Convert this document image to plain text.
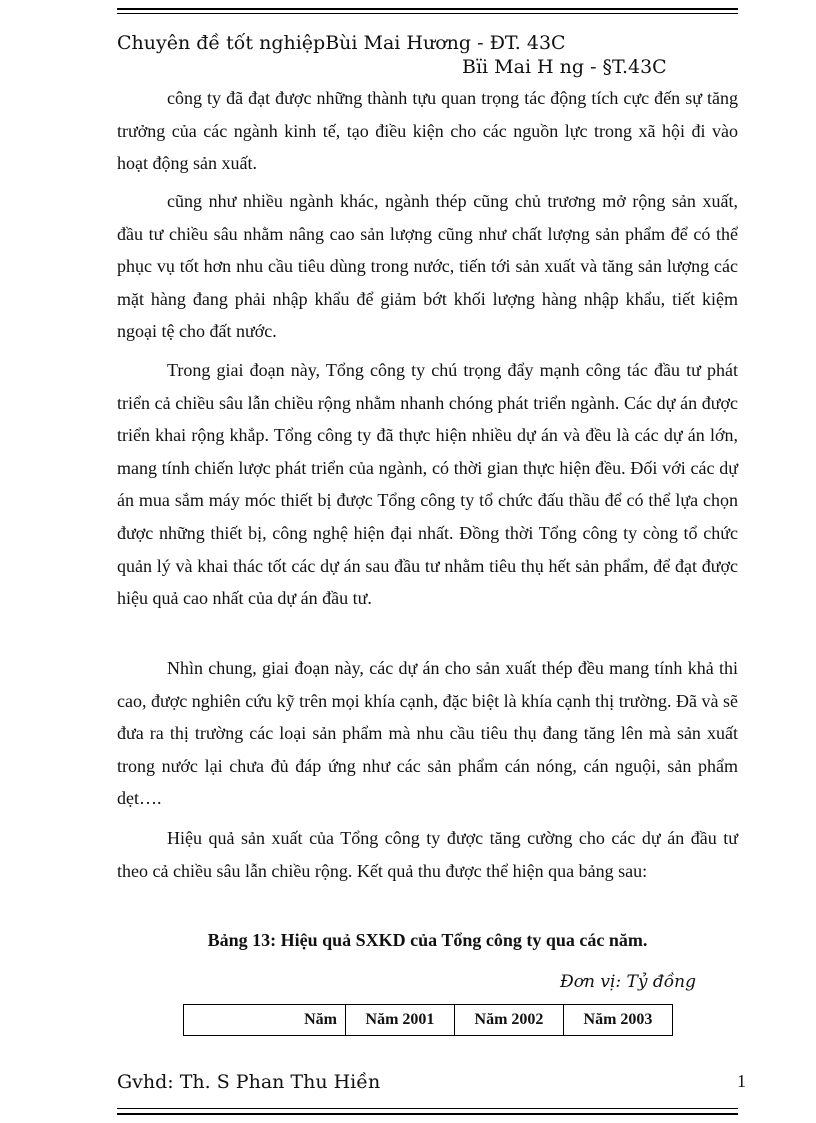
Chuyên đề tốt nghiệpBùi Mai Hương - ĐT. 43C
Bïi Mai H ng - §T.43C

công ty đã đạt được những thành tựu quan trọng tác động tích cực đến sự tăng trưởng của các ngành kinh tế, tạo điều kiện cho các nguồn lực trong xã hội đi vào hoạt động sản xuất.

cũng như nhiều ngành khác, ngành thép cũng chủ trương mở rộng sản xuất, đầu tư chiều sâu nhằm nâng cao sản lượng cũng như chất lượng sản phẩm để có thể phục vụ tốt hơn nhu cầu tiêu dùng trong nước, tiến tới sản xuất và tăng sản lượng các mặt hàng đang phải nhập khẩu để giảm bớt khối lượng hàng nhập khẩu, tiết kiệm ngoại tệ cho đất nước.

Trong giai đoạn này, Tổng công ty chú trọng đẩy mạnh công tác đầu tư phát triển cả chiều sâu lẫn chiều rộng nhằm nhanh chóng phát triển ngành. Các dự án được triển khai rộng khắp. Tổng công ty đã thực hiện nhiều dự án và đều là các dự án lớn, mang tính chiến lược phát triển của ngành, có thời gian thực hiện đều. Đối với các dự án mua sắm máy móc thiết bị được Tổng công ty tổ chức đấu thầu để có thể lựa chọn được những thiết bị, công nghệ hiện đại nhất. Đồng thời Tổng công ty còng tổ chức quản lý và khai thác tốt các dự án sau đầu tư nhằm tiêu thụ hết sản phẩm, để đạt được hiệu quả cao nhất của dự án đầu tư.

Nhìn chung, giai đoạn này, các dự án cho sản xuất thép đều mang tính khả thi cao, được nghiên cứu kỹ trên mọi khía cạnh, đặc biệt là khía cạnh thị trường. Đã và sẽ đưa ra thị trường các loại sản phẩm mà nhu cầu tiêu thụ đang tăng lên mà sản xuất trong nước lại chưa đủ đáp ứng như các sản phẩm cán nóng, cán nguội, sản phẩm dẹt….

Hiệu quả sản xuất của Tổng công ty được tăng cường cho các dự án đầu tư theo cả chiều sâu lẫn chiều rộng. Kết quả thu được thể hiện qua bảng sau:

Bảng 13: Hiệu quả SXKD của Tổng công ty qua các năm.
Đơn vị: Tỷ đồng
Năm	Năm 2001	Năm 2002	Năm 2003
Gvhd: Th. S Phan Thu Hiền	1
